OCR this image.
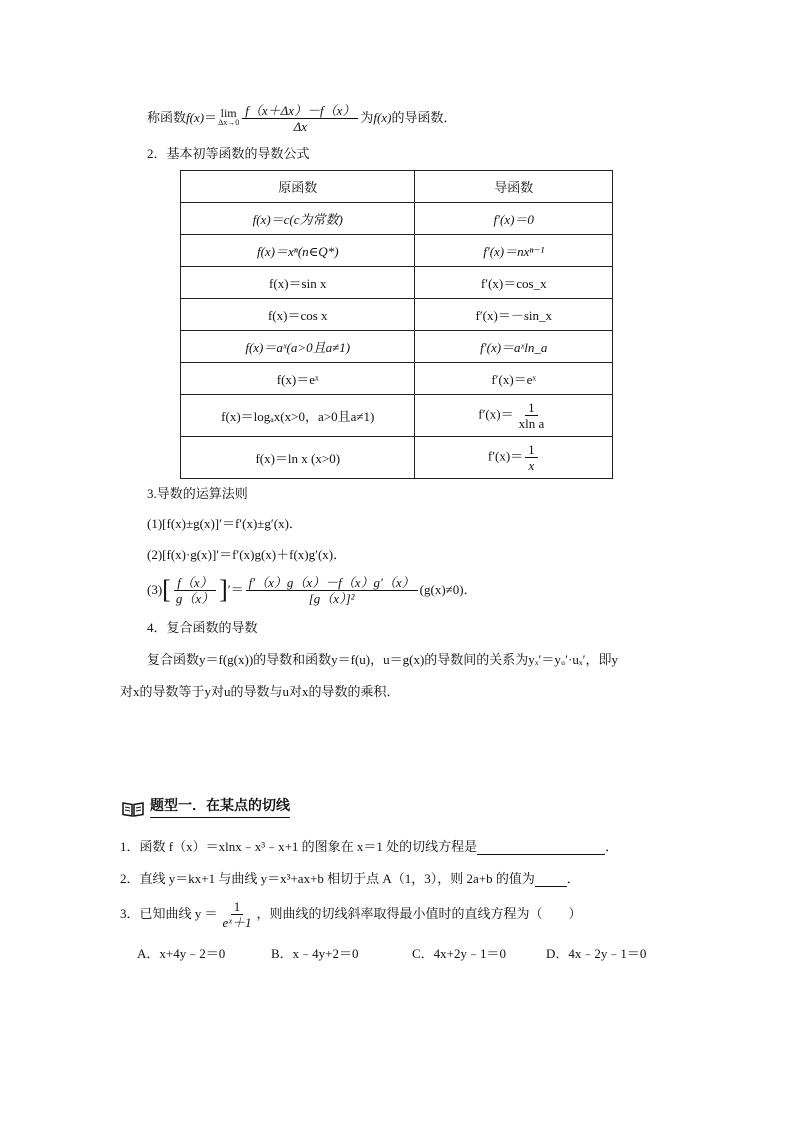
称函数 f(x) ＝ lim
$\Delta x\to 0 \frac{f(x+\Delta x)-f(x)}{\Delta x}$ 为 f(x) 的导函数．
2．基本初等函数的导数公式
原函数	导函数
f(x)＝c(c为常数)	f′(x)＝0
f(x)＝xⁿ(n∈Q*)	f′(x)＝nxⁿ⁻¹
f(x)＝sin x	f′(x)＝cos_x
f(x)＝cos x	f′(x)＝－sin_x
f(x)＝aˣ(a>0且a≠1)	f′(x)＝aˣln_a
f(x)＝eˣ	f′(x)＝eˣ
f(x)＝logₐx(x>0，a>0且a≠1)	$f'(x)= \frac{1}{\text{xln a}}$

f(x)＝ln x (x>0)	$f'(x)= \frac{1}{x}$
3.导数的运算法则
(1)[f(x)±g(x)]′＝f′(x)±g′(x)．
(2)[f(x)·g(x)]′＝f′(x)g(x)＋f(x)g′(x)．
(3) [ $\frac{f(x)}{g(x)}$ ] ′＝ $\frac{f'(x)g(x)-f(x)g'(x)}{\text{[g（x）]²}} (g(x)\ne 0)$．
4．复合函数的导数
复合函数y＝f(g(x))的导数和函数y＝f(u)，u＝g(x)的导数间的关系为yₓ′＝yᵤ′·uₓ′，即y
对x的导数等于y对u的导数与u对x的导数的乘积．
题型一．在某点的切线
1．函数 f（x）＝xlnx﹣x³﹣x+1 的图象在 x＝1 处的切线方程是	．
2．直线 y＝kx+1 与曲线 y＝x³+ax+b 相切于点 A（1，3），则 2a+b 的值为 ．
3．已知曲线 $y = \frac{1}{\text{eˣ＋1}}$ ，则曲线的切线斜率取得最小值时的直线方程为（　　）
A．x+4y﹣2＝0	B．x﹣4y+2＝0	C．4x+2y﹣1＝0	D．4x﹣2y﹣1＝0
